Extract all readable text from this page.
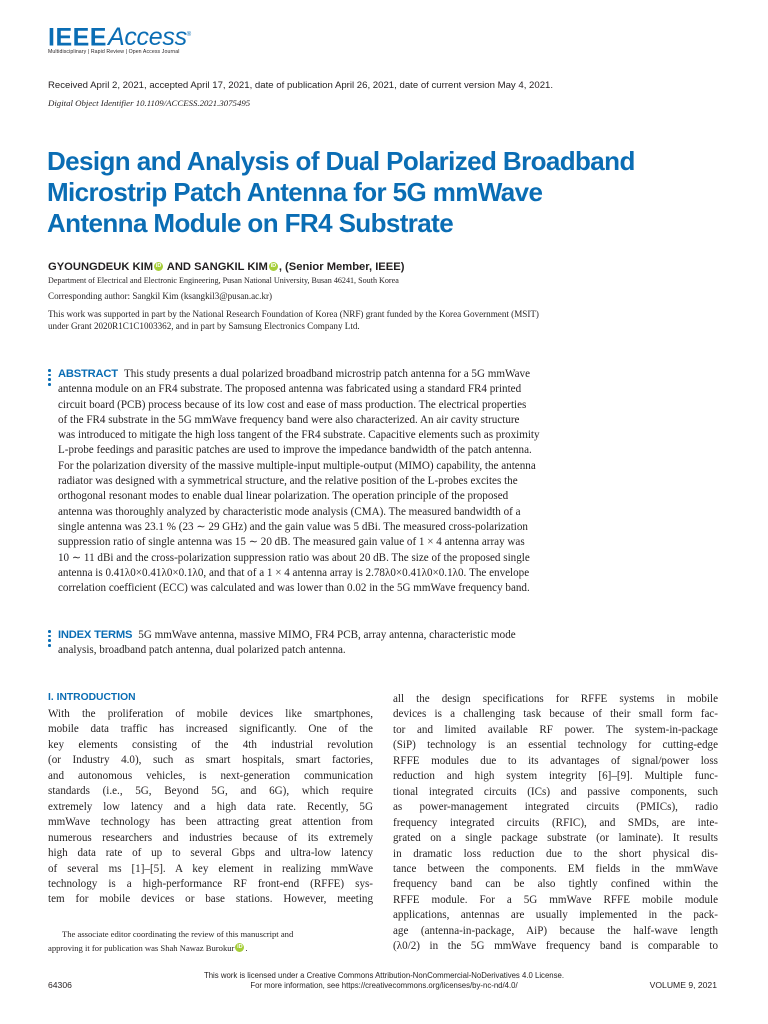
IEEEAccess®
Multidisciplinary | Rapid Review | Open Access Journal
Received April 2, 2021, accepted April 17, 2021, date of publication April 26, 2021, date of current version May 4, 2021.
Digital Object Identifier 10.1109/ACCESS.2021.3075495
Design and Analysis of Dual Polarized Broadband
Microstrip Patch Antenna for 5G mmWave
Antenna Module on FR4 Substrate
GYOUNGDEUK KIM iD AND SANGKIL KIM iD , (Senior Member, IEEE)
Department of Electrical and Electronic Engineering, Pusan National University, Busan 46241, South Korea
Corresponding author: Sangkil Kim (ksangkil3@pusan.ac.kr)
This work was supported in part by the National Research Foundation of Korea (NRF) grant funded by the Korea Government (MSIT)
under Grant 2020R1C1C1003362, and in part by Samsung Electronics Company Ltd.
ABSTRACT This study presents a dual polarized broadband microstrip patch antenna for a 5G mmWave
antenna module on an FR4 substrate. The proposed antenna was fabricated using a standard FR4 printed
circuit board (PCB) process because of its low cost and ease of mass production. The electrical properties
of the FR4 substrate in the 5G mmWave frequency band were also characterized. An air cavity structure
was introduced to mitigate the high loss tangent of the FR4 substrate. Capacitive elements such as proximity
L-probe feedings and parasitic patches are used to improve the impedance bandwidth of the patch antenna.
For the polarization diversity of the massive multiple-input multiple-output (MIMO) capability, the antenna
radiator was designed with a symmetrical structure, and the relative position of the L-probes excites the
orthogonal resonant modes to enable dual linear polarization. The operation principle of the proposed
antenna was thoroughly analyzed by characteristic mode analysis (CMA). The measured bandwidth of a
single antenna was 23.1 % (23 ∼ 29 GHz) and the gain value was 5 dBi. The measured cross-polarization
suppression ratio of single antenna was 15 ∼ 20 dB. The measured gain value of 1 × 4 antenna array was
10 ∼ 11 dBi and the cross-polarization suppression ratio was about 20 dB. The size of the proposed single
antenna is 0.41λ0×0.41λ0×0.1λ0, and that of a 1 × 4 antenna array is 2.78λ0×0.41λ0×0.1λ0. The envelope
correlation coefficient (ECC) was calculated and was lower than 0.02 in the 5G mmWave frequency band.
INDEX TERMS 5G mmWave antenna, massive MIMO, FR4 PCB, array antenna, characteristic mode
analysis, broadband patch antenna, dual polarized patch antenna.
I. INTRODUCTION
With the proliferation of mobile devices like smartphones,
mobile data traffic has increased significantly. One of the
key elements consisting of the 4th industrial revolution
(or Industry 4.0), such as smart hospitals, smart factories,
and autonomous vehicles, is next-generation communication
standards (i.e., 5G, Beyond 5G, and 6G), which require
extremely low latency and a high data rate. Recently, 5G
mmWave technology has been attracting great attention from
numerous researchers and industries because of its extremely
high data rate of up to several Gbps and ultra-low latency
of several ms [1]–[5]. A key element in realizing mmWave
technology is a high-performance RF front-end (RFFE) sys-
tem for mobile devices or base stations. However, meeting
all the design specifications for RFFE systems in mobile
devices is a challenging task because of their small form fac-
tor and limited available RF power. The system-in-package
(SiP) technology is an essential technology for cutting-edge
RFFE modules due to its advantages of signal/power loss
reduction and high system integrity [6]–[9]. Multiple func-
tional integrated circuits (ICs) and passive components, such
as power-management integrated circuits (PMICs), radio
frequency integrated circuits (RFIC), and SMDs, are inte-
grated on a single package substrate (or laminate). It results
in dramatic loss reduction due to the short physical dis-
tance between the components. EM fields in the mmWave
frequency band can be also tightly confined within the
RFFE module. For a 5G mmWave RFFE mobile module
applications, antennas are usually implemented in the pack-
age (antenna-in-package, AiP) because the half-wave length
(λ0/2) in the 5G mmWave frequency band is comparable to
The associate editor coordinating the review of this manuscript and
approving it for publication was Shah Nawaz Burokur iD .
This work is licensed under a Creative Commons Attribution-NonCommercial-NoDerivatives 4.0 License.
For more information, see https://creativecommons.org/licenses/by-nc-nd/4.0/
64306	VOLUME 9, 2021
